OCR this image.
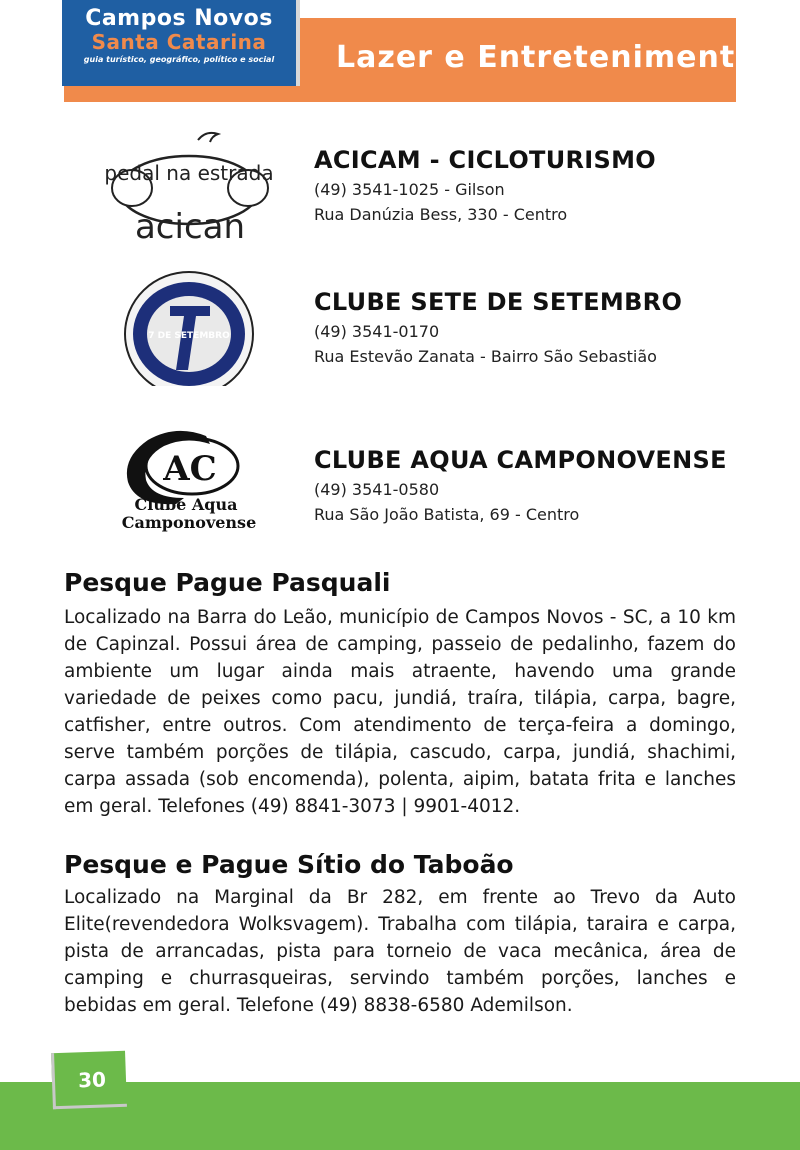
Campos Novos
Santa Catarina
guia turístico, geográfico, político e social	Lazer e Entretenimento
pedal na estrada
acican
ACICAM - CICLOTURISMO
(49) 3541-1025 - Gilson
Rua Danúzia Bess, 330 - Centro
7 DE SETEMBRO
CLUBE SETE DE SETEMBRO
(49) 3541-0170
Rua Estevão Zanata - Bairro São Sebastião
AC
Clube Aqua
Camponovense
CLUBE AQUA CAMPONOVENSE
(49) 3541-0580
Rua São João Batista, 69 - Centro
Pesque Pague Pasquali
Localizado na Barra do Leão, município de Campos Novos - SC, a 10 km de Capinzal. Possui área de camping, passeio de pedalinho, fazem do ambiente um lugar ainda mais atraente, havendo uma grande variedade de peixes como pacu, jundiá, traíra, tilápia, carpa, bagre, catfisher, entre outros. Com atendimento de terça-feira a domingo, serve também porções de tilápia, cascudo, carpa, jundiá, shachimi, carpa assada (sob encomenda), polenta, aipim, batata frita e lanches em geral. Telefones (49) 8841-3073 | 9901-4012.
Pesque e Pague Sítio do Taboão
Localizado na Marginal da Br 282, em frente ao Trevo da Auto Elite(revendedora Wolksvagem). Trabalha com tilápia, taraira e carpa, pista de arrancadas, pista para torneio de vaca mecânica, área de camping e churrasqueiras, servindo também porções, lanches e bebidas em geral. Telefone (49) 8838-6580 Ademilson.
30
